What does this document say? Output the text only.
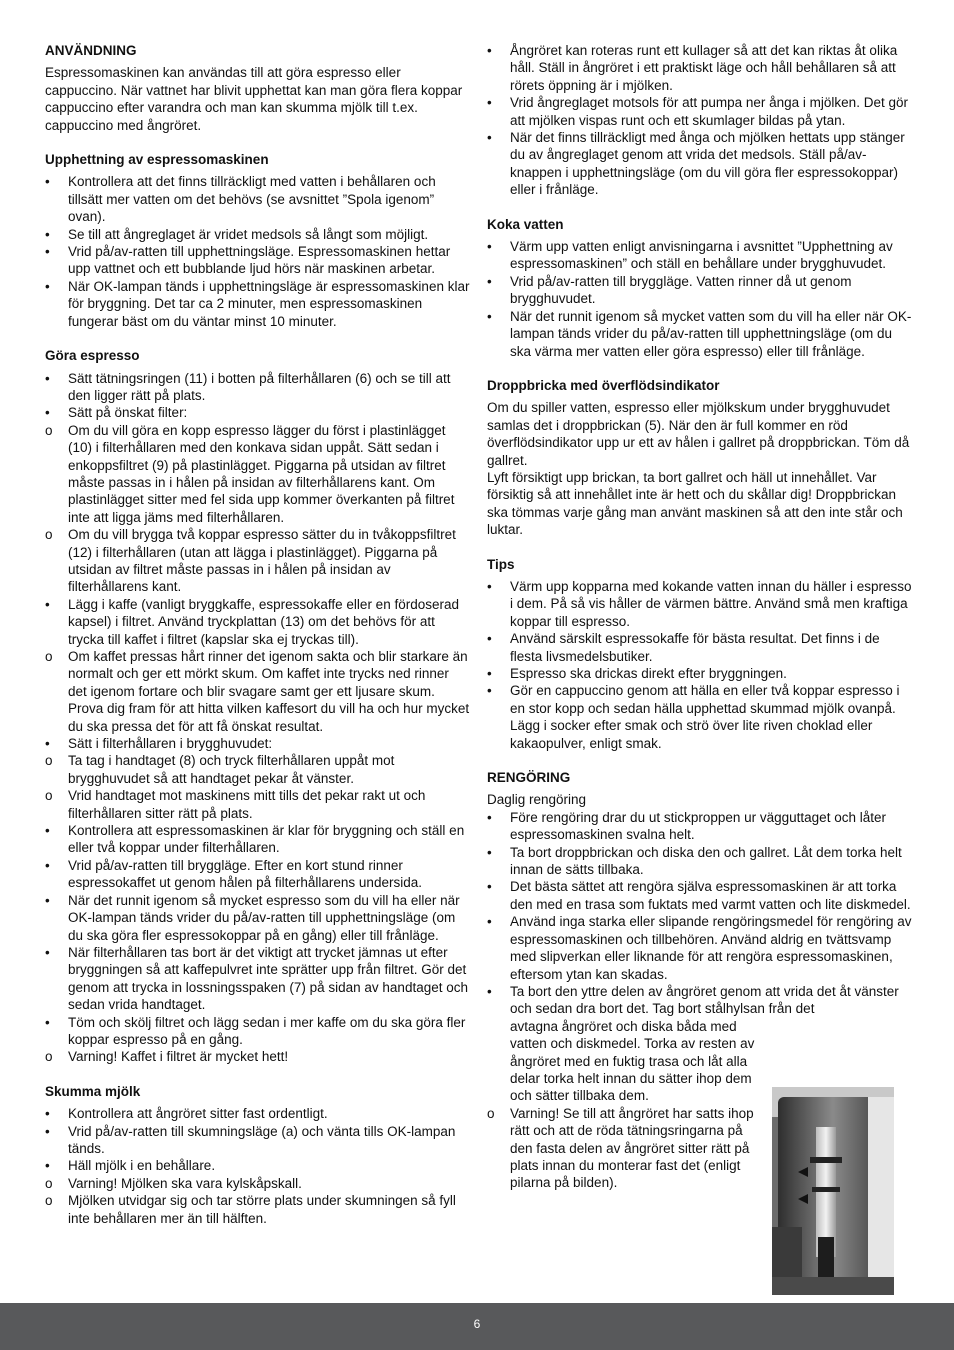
ANVÄNDNING

Espressomaskinen kan användas till att göra espresso eller cappuccino. När vattnet har blivit upphettat kan man göra flera koppar cappuccino efter varandra och man kan skumma mjölk till t.ex. cappuccino med ångröret.

Upphettning av espressomaskinen
•	Kontrollera att det finns tillräckligt med vatten i behållaren och tillsätt mer vatten om det behövs (se avsnittet ”Spola igenom” ovan).
•	Se till att ångreglaget är vridet medsols så långt som möjligt.
•	Vrid på/av-ratten till upphettningsläge. Espressomaskinen hettar upp vattnet och ett bubblande ljud hörs när maskinen arbetar.
•	När OK-lampan tänds i upphettningsläge är espressomaskinen klar för bryggning. Det tar ca 2 minuter, men espressomaskinen fungerar bäst om du väntar minst 10 minuter.
Göra espresso
•	Sätt tätningsringen (11) i botten på filterhållaren (6) och se till att den ligger rätt på plats.
•	Sätt på önskat filter:
o	Om du vill göra en kopp espresso lägger du först i plastinlägget (10) i filterhållaren med den konkava sidan uppåt. Sätt sedan i enkoppsfiltret (9) på plastinlägget. Piggarna på utsidan av filtret måste passas in i hålen på insidan av filterhållarens kant. Om plastinlägget sitter med fel sida upp kommer överkanten på filtret inte att ligga jäms med filterhållaren.
o	Om du vill brygga två koppar espresso sätter du in tvåkoppsfiltret (12) i filterhållaren (utan att lägga i plastinlägget). Piggarna på utsidan av filtret måste passas in i hålen på insidan av filterhållarens kant.
•	Lägg i kaffe (vanligt bryggkaffe, espressokaffe eller en fördoserad kapsel) i filtret. Använd tryckplattan (13) om det behövs för att trycka till kaffet i filtret (kapslar ska ej tryckas till).
o	Om kaffet pressas hårt rinner det igenom sakta och blir starkare än normalt och ger ett mörkt skum. Om kaffet inte trycks ned rinner det igenom fortare och blir svagare samt ger ett ljusare skum. Prova dig fram för att hitta vilken kaffesort du vill ha och hur mycket du ska pressa det för att få önskat resultat.
•	Sätt i filterhållaren i brygghuvudet:
o	Ta tag i handtaget (8) och tryck filterhållaren uppåt mot brygghuvudet så att handtaget pekar åt vänster.
o	Vrid handtaget mot maskinens mitt tills det pekar rakt ut och filterhållaren sitter rätt på plats.
•	Kontrollera att espressomaskinen är klar för bryggning och ställ en eller två koppar under filterhållaren.
•	Vrid på/av-ratten till bryggläge. Efter en kort stund rinner espressokaffet ut genom hålen på filterhållarens undersida.
•	När det runnit igenom så mycket espresso som du vill ha eller när OK-lampan tänds vrider du på/av-ratten till upphettningsläge (om du ska göra fler espressokoppar på en gång) eller till frånläge.
•	När filterhållaren tas bort är det viktigt att trycket jämnas ut efter bryggningen så att kaffepulvret inte sprätter upp från filtret. Gör det genom att trycka in lossningsspaken (7) på sidan av handtaget och sedan vrida handtaget.
•	Töm och skölj filtret och lägg sedan i mer kaffe om du ska göra fler koppar espresso på en gång.
o	Varning! Kaffet i filtret är mycket hett!
Skumma mjölk
•	Kontrollera att ångröret sitter fast ordentligt.
•	Vrid på/av-ratten till skumningsläge (a) och vänta tills OK-lampan tänds.
•	Häll mjölk i en behållare.
o	Varning! Mjölken ska vara kylskåpskall.
o	Mjölken utvidgar sig och tar större plats under skumningen så fyll inte behållaren mer än till hälften.
•	Ångröret kan roteras runt ett kullager så att det kan riktas åt olika håll. Ställ in ångröret i ett praktiskt läge och håll behållaren så att rörets öppning är i mjölken.
•	Vrid ångreglaget motsols för att pumpa ner ånga i mjölken. Det gör att mjölken vispas runt och ett skumlager bildas på ytan.
•	När det finns tillräckligt med ånga och mjölken hettats upp stänger du av ångreglaget genom att vrida det medsols. Ställ på/av-knappen i upphettningsläge (om du vill göra fler espressokoppar) eller i frånläge.
Koka vatten
•	Värm upp vatten enligt anvisningarna i avsnittet ”Upphettning av espressomaskinen” och ställ en behållare under brygghuvudet.
•	Vrid på/av-ratten till bryggläge. Vatten rinner då ut genom brygghuvudet.
•	När det runnit igenom så mycket vatten som du vill ha eller när OK-lampan tänds vrider du på/av-ratten till upphettningsläge (om du ska värma mer vatten eller göra espresso) eller till frånläge.
Droppbricka med överflödsindikator

Om du spiller vatten, espresso eller mjölkskum under brygghuvudet samlas det i droppbrickan (5). När den är full kommer en röd överflödsindikator upp ur ett av hålen i gallret på droppbrickan. Töm då gallret.

Lyft försiktigt upp brickan, ta bort gallret och häll ut innehållet. Var försiktig så att innehållet inte är hett och du skållar dig! Droppbrickan ska tömmas varje gång man använt maskinen så att den inte står och luktar.

Tips
•	Värm upp kopparna med kokande vatten innan du häller i espresso i dem. På så vis håller de värmen bättre. Använd små men kraftiga koppar till espresso.
•	Använd särskilt espressokaffe för bästa resultat. Det finns i de flesta livsmedelsbutiker.
•	Espresso ska drickas direkt efter bryggningen.
•	Gör en cappuccino genom att hälla en eller två koppar espresso i en stor kopp och sedan hälla upphettad skummad mjölk ovanpå. Lägg i socker efter smak och strö över lite riven choklad eller kakaopulver, enligt smak.
RENGÖRING

Daglig rengöring

•	Före rengöring drar du ut stickproppen ur vägguttaget och låter espressomaskinen svalna helt.
•	Ta bort droppbrickan och diska den och gallret. Låt dem torka helt innan de sätts tillbaka.
•	Det bästa sättet att rengöra själva espressomaskinen är att torka den med en trasa som fuktats med varmt vatten och lite diskmedel.
•	Använd inga starka eller slipande rengöringsmedel för rengöring av espressomaskinen och tillbehören. Använd aldrig en tvättsvamp med slipverkan eller liknande för att rengöra espressomaskinen, eftersom ytan kan skadas.
•	Ta bort den yttre delen av ångröret genom att vrida det åt vänster och sedan dra bort det. Tag bort stålhylsan från det
avtagna ångröret och diska båda med vatten och diskmedel. Torka av resten av ångröret med en fuktig trasa och låt alla delar torka helt innan du sätter ihop dem och sätter tillbaka dem.
o	Varning! Se till att ångröret har satts ihop rätt och att de röda tätningsringarna på den fasta delen av ångröret sitter rätt på plats innan du monterar fast det (enligt pilarna på bilden).
6
